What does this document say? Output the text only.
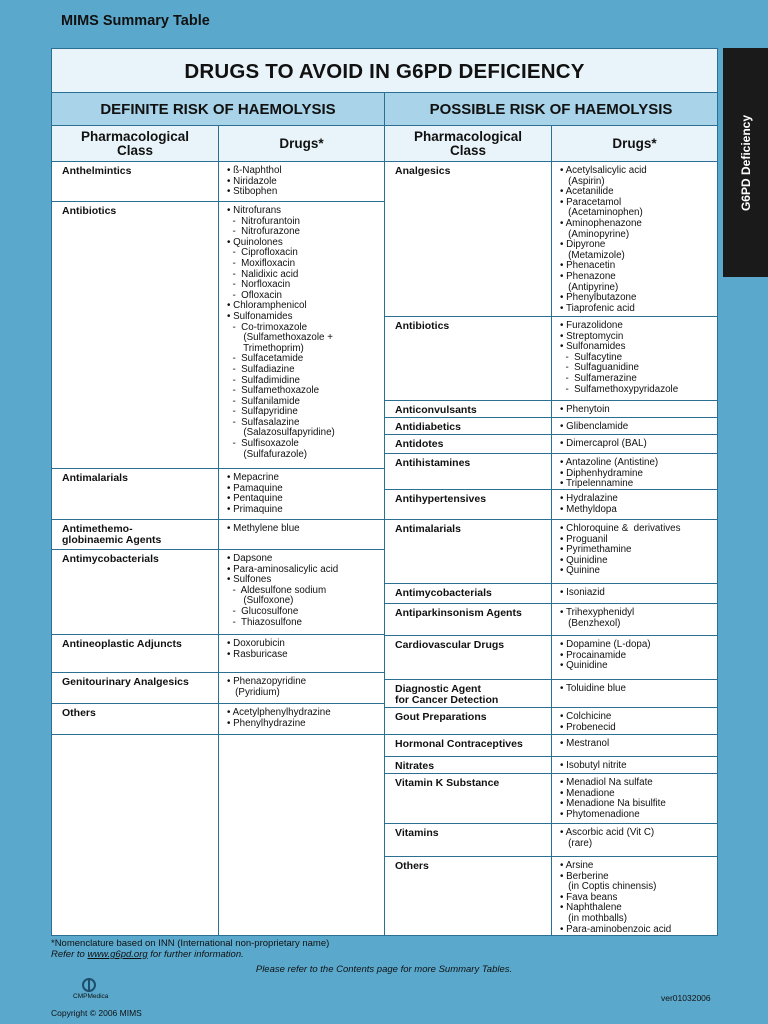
MIMS Summary Table
G6PD Deficiency
DRUGS TO AVOID IN G6PD DEFICIENCY
DEFINITE RISK OF HAEMOLYSIS	POSSIBLE RISK OF HAEMOLYSIS
Pharmacological
Class	Drugs*	Pharmacological
Class	Drugs*
Anthelmintics	• ß-Naphthol
• Niridazole
• Stibophen
Antibiotics	• Nitrofurans
-  Nitrofurantoin
-  Nitrofurazone
• Quinolones
-  Ciprofloxacin
-  Moxifloxacin
-  Nalidixic acid
-  Norfloxacin
-  Ofloxacin
• Chloramphenicol
• Sulfonamides
-  Co-trimoxazole
(Sulfamethoxazole +
Trimethoprim)
-  Sulfacetamide
-  Sulfadiazine
-  Sulfadimidine
-  Sulfamethoxazole
-  Sulfanilamide
-  Sulfapyridine
-  Sulfasalazine
(Salazosulfapyridine)
-  Sulfisoxazole
(Sulfafurazole)
Antimalarials	• Mepacrine
• Pamaquine
• Pentaquine
• Primaquine
Antimethemo-
globinaemic Agents
• Methylene blue
Antimycobacterials	• Dapsone
• Para-aminosalicylic acid
• Sulfones
-  Aldesulfone sodium
(Sulfoxone)
-  Glucosulfone
-  Thiazosulfone
Antineoplastic Adjuncts	• Doxorubicin
• Rasburicase
Genitourinary Analgesics	• Phenazopyridine
(Pyridium)
Others	• Acetylphenylhydrazine
• Phenylhydrazine
Analgesics	• Acetylsalicylic acid
(Aspirin)
• Acetanilide
• Paracetamol
(Acetaminophen)
• Aminophenazone
(Aminopyrine)
• Dipyrone
(Metamizole)
• Phenacetin
• Phenazone
(Antipyrine)
• Phenylbutazone
• Tiaprofenic acid
Antibiotics	• Furazolidone
• Streptomycin
• Sulfonamides
-  Sulfacytine
-  Sulfaguanidine
-  Sulfamerazine
-  Sulfamethoxypyridazole
Anticonvulsants	• Phenytoin
Antidiabetics	• Glibenclamide
Antidotes	• Dimercaprol (BAL)
Antihistamines	• Antazoline (Antistine)
• Diphenhydramine
• Tripelennamine
Antihypertensives	• Hydralazine
• Methyldopa
Antimalarials	• Chloroquine &  derivatives
• Proguanil
• Pyrimethamine
• Quinidine
• Quinine
Antimycobacterials	• Isoniazid
Antiparkinsonism Agents	• Trihexyphenidyl
(Benzhexol)
Cardiovascular Drugs	• Dopamine (L-dopa)
• Procainamide
• Quinidine
Diagnostic Agent
for Cancer Detection
• Toluidine blue
Gout Preparations	• Colchicine
• Probenecid
Hormonal Contraceptives	• Mestranol
Nitrates	• Isobutyl nitrite
Vitamin K Substance	• Menadiol Na sulfate
• Menadione
• Menadione Na bisulfite
• Phytomenadione
Vitamins	• Ascorbic acid (Vit C)
(rare)
Others	• Arsine
• Berberine
(in Coptis chinensis)
• Fava beans
• Naphthalene
(in mothballs)
• Para-aminobenzoic acid
*Nomenclature based on INN (International non-proprietary name)
Refer to www.g6pd.org for further information.
Please refer to the Contents page for more Summary Tables.
CMPMedica
Copyright © 2006 MIMS
ver01032006
